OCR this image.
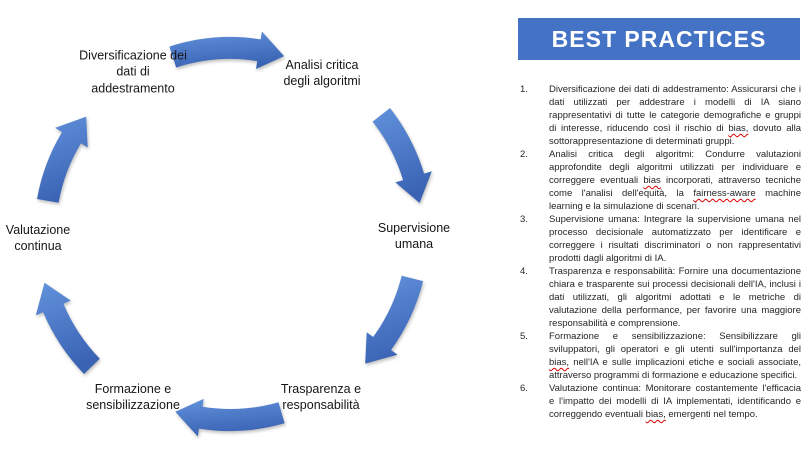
Diversificazione dei dati di addestramento
Analisi critica degli algoritmi
Supervisione umana
Trasparenza e responsabilità
Formazione e sensibilizzazione
Valutazione continua
BEST PRACTICES
1.	Diversificazione dei dati di addestramento: Assicurarsi che i dati utilizzati per addestrare i modelli di IA siano rappresentativi di tutte le categorie demografiche e gruppi di interesse, riducendo così il rischio di bias, dovuto alla sottorappresentazione di determinati gruppi.
2.	Analisi critica degli algoritmi: Condurre valutazioni approfondite degli algoritmi utilizzati per individuare e correggere eventuali bias incorporati, attraverso tecniche come l'analisi dell'equità, la fairness-aware machine learning e la simulazione di scenari.
3.	Supervisione umana: Integrare la supervisione umana nel processo decisionale automatizzato per identificare e correggere i risultati discriminatori o non rappresentativi prodotti dagli algoritmi di IA.
4.	Trasparenza e responsabilità: Fornire una documentazione chiara e trasparente sui processi decisionali dell'IA, inclusi i dati utilizzati, gli algoritmi adottati e le metriche di valutazione della performance, per favorire una maggiore responsabilità e comprensione.
5.	Formazione e sensibilizzazione: Sensibilizzare gli sviluppatori, gli operatori e gli utenti sull'importanza del bias, nell'IA e sulle implicazioni etiche e sociali associate, attraverso programmi di formazione e educazione specifici.
6.	Valutazione continua: Monitorare costantemente l'efficacia e l'impatto dei modelli di IA implementati, identificando e correggendo eventuali bias, emergenti nel tempo.
